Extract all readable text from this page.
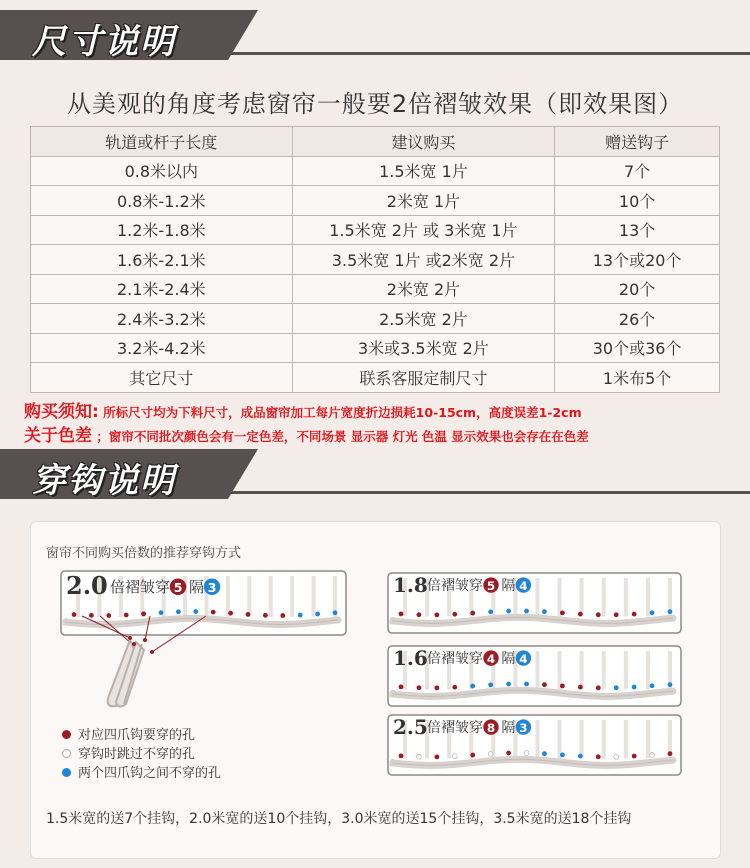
尺寸说明
从美观的角度考虑窗帘一般要2倍褶皱效果（即效果图）
轨道或杆子长度	建议购买	赠送钩子
0.8米以内	1.5米宽 1片	7个
0.8米-1.2米	2米宽 1片	10个
1.2米-1.8米	1.5米宽 2片 或 3米宽 1片	13个
1.6米-2.1米	3.5米宽 1片 或2米宽 2片	13个或20个
2.1米-2.4米	2米宽 2片	20个
2.4米-3.2米	2.5米宽 2片	26个
3.2米-4.2米	3米或3.5米宽 2片	30个或36个
其它尺寸	联系客服定制尺寸	1米布5个
购买须知: 所标尺寸均为下料尺寸，成品窗帘加工每片宽度折边损耗10-15cm，高度误差1-2cm
关于色差 ；窗帘不同批次颜色会有一定色差，不同场景 显示器 灯光 色温 显示效果也会存在在色差
穿钩说明
窗帘不同购买倍数的推荐穿钩方式
2.0 倍褶皱穿 5 隔 3	1.8 倍褶皱穿 5 隔 4
1.6 倍褶皱穿 4 隔 4
2.5 倍褶皱穿 8 隔 3
对应四爪钩要穿的孔
穿钩时跳过不穿的孔
两个四爪钩之间不穿的孔
1.5米宽的送7个挂钩，2.0米宽的送10个挂钩，3.0米宽的送15个挂钩，3.5米宽的送18个挂钩
